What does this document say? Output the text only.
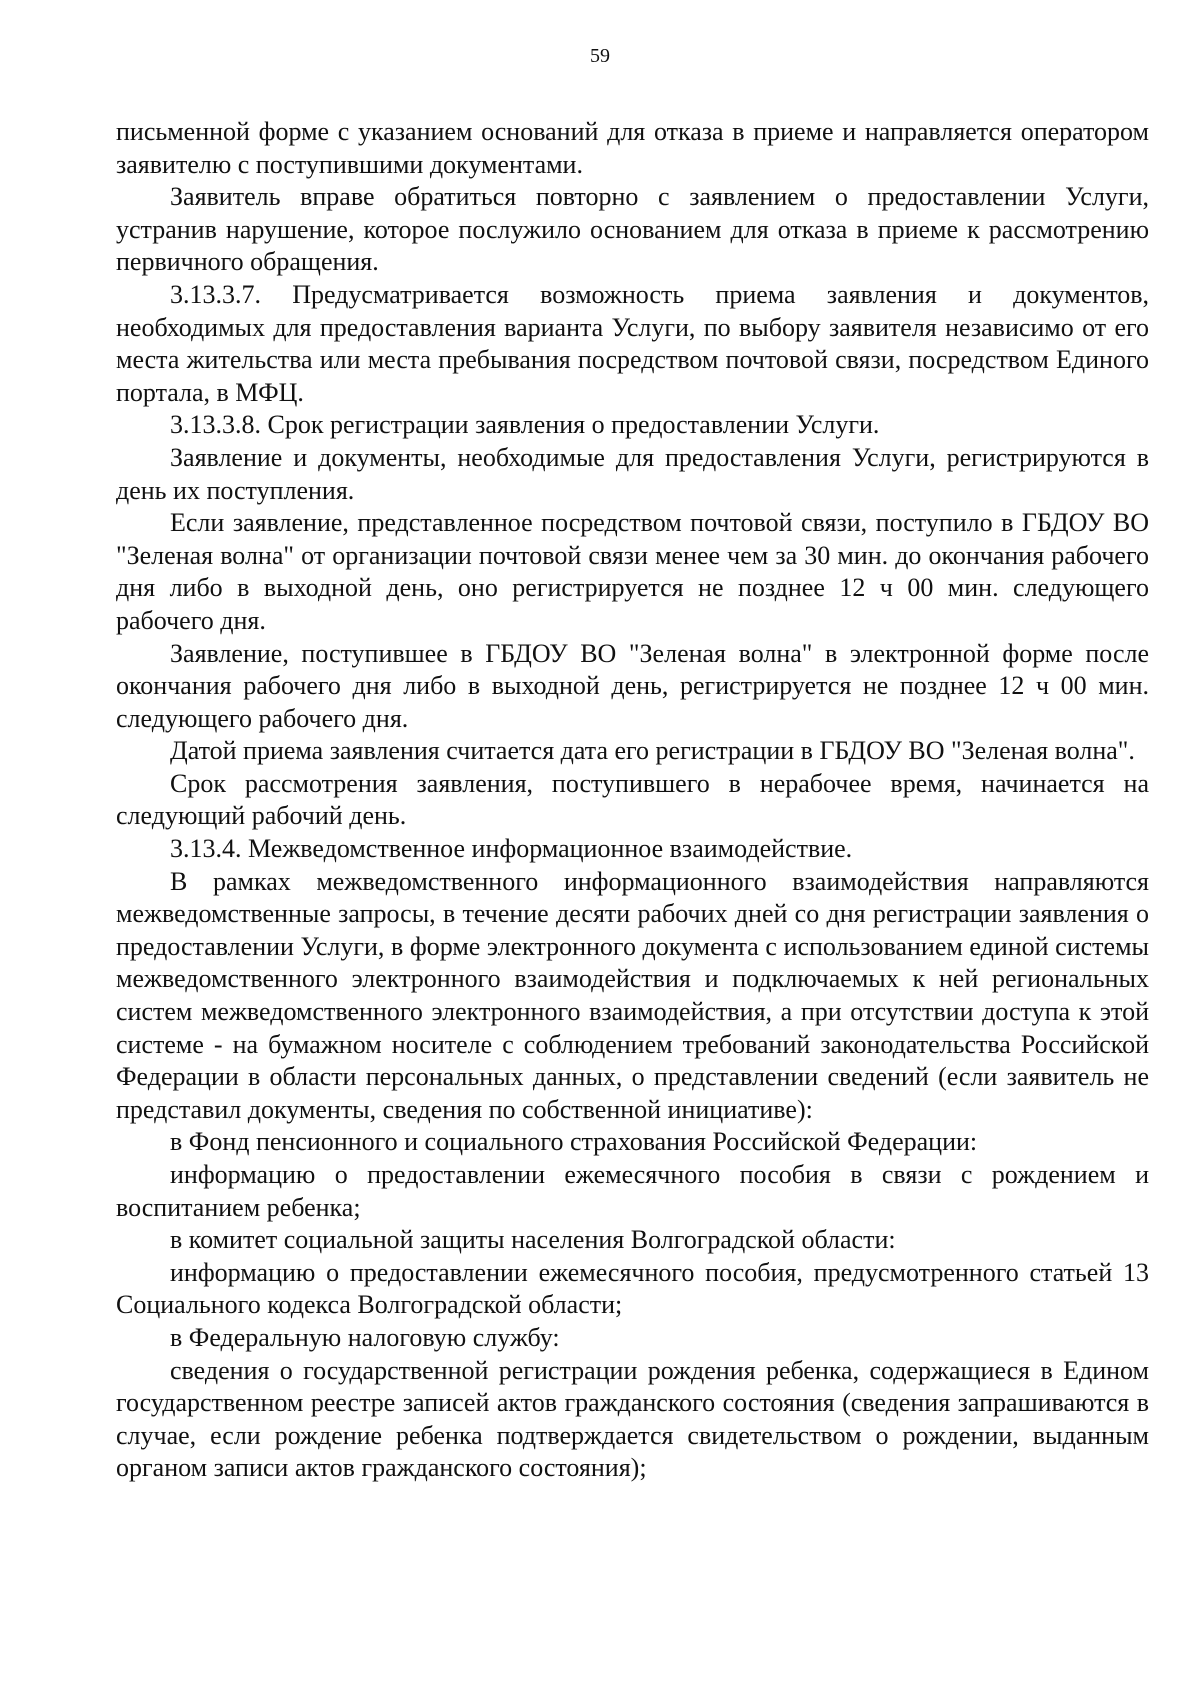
59

письменной форме с указанием оснований для отказа в приеме и направляется оператором заявителю с поступившими документами.

Заявитель вправе обратиться повторно с заявлением о предоставлении Услуги, устранив нарушение, которое послужило основанием для отказа в приеме к рассмотрению первичного обращения.

3.13.3.7. Предусматривается возможность приема заявления и документов, необходимых для предоставления варианта Услуги, по выбору заявителя независимо от его места жительства или места пребывания посредством почтовой связи, посредством Единого портала, в МФЦ.

3.13.3.8. Срок регистрации заявления о предоставлении Услуги.

Заявление и документы, необходимые для предоставления Услуги, регистрируются в день их поступления.

Если заявление, представленное посредством почтовой связи, поступило в ГБДОУ ВО "Зеленая волна" от организации почтовой связи менее чем за 30 мин. до окончания рабочего дня либо в выходной день, оно регистрируется не позднее 12 ч 00 мин. следующего рабочего дня.

Заявление, поступившее в ГБДОУ ВО "Зеленая волна" в электронной форме после окончания рабочего дня либо в выходной день, регистрируется не позднее 12 ч 00 мин. следующего рабочего дня.

Датой приема заявления считается дата его регистрации в ГБДОУ ВО "Зеленая волна".

Срок рассмотрения заявления, поступившего в нерабочее время, начинается на следующий рабочий день.

3.13.4. Межведомственное информационное взаимодействие.

В рамках межведомственного информационного взаимодействия направляются межведомственные запросы, в течение десяти рабочих дней со дня регистрации заявления о предоставлении Услуги, в форме электронного документа с использованием единой системы межведомственного электронного взаимодействия и подключаемых к ней региональных систем межведомственного электронного взаимодействия, а при отсутствии доступа к этой системе - на бумажном носителе с соблюдением требований законодательства Российской Федерации в области персональных данных, о представлении сведений (если заявитель не представил документы, сведения по собственной инициативе):

в Фонд пенсионного и социального страхования Российской Федерации:

информацию о предоставлении ежемесячного пособия в связи с рождением и воспитанием ребенка;

в комитет социальной защиты населения Волгоградской области:

информацию о предоставлении ежемесячного пособия, предусмотренного статьей 13 Социального кодекса Волгоградской области;

в Федеральную налоговую службу:

сведения о государственной регистрации рождения ребенка, содержащиеся в Едином государственном реестре записей актов гражданского состояния (сведения запрашиваются в случае, если рождение ребенка подтверждается свидетельством о рождении, выданным органом записи актов гражданского состояния);
